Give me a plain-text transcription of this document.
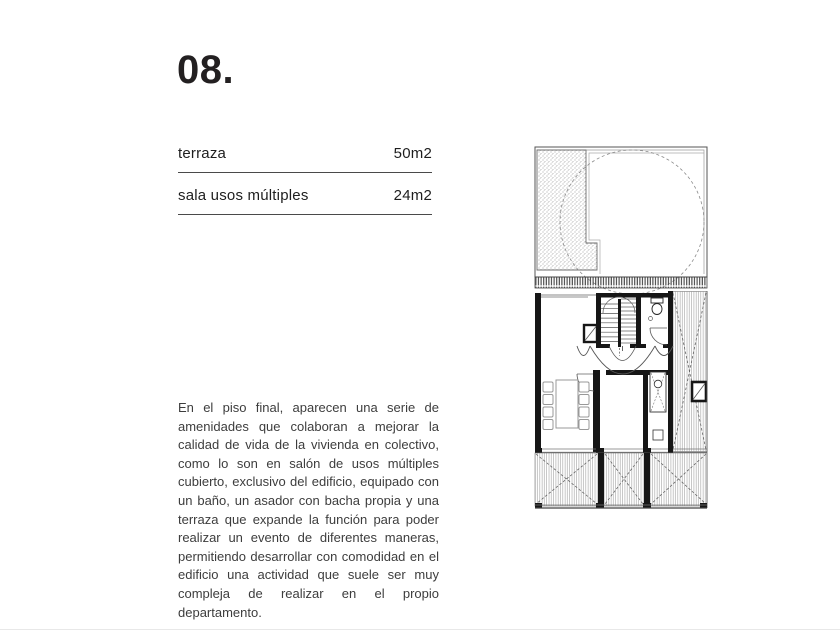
08.
terraza	50m2
sala usos múltiples	24m2

En el piso final, aparecen una serie de amenidades que colaboran a mejorar la calidad de vida de la vivienda en colectivo, como lo son en salón de usos múltiples cubierto, exclusivo del edificio, equipado con un baño, un asador con bacha propia y una terraza que expande la función para poder realizar un evento de diferentes maneras, permitiendo desarrollar con comodidad en el edificio una actividad que suele ser muy compleja de realizar en el propio departamento.
